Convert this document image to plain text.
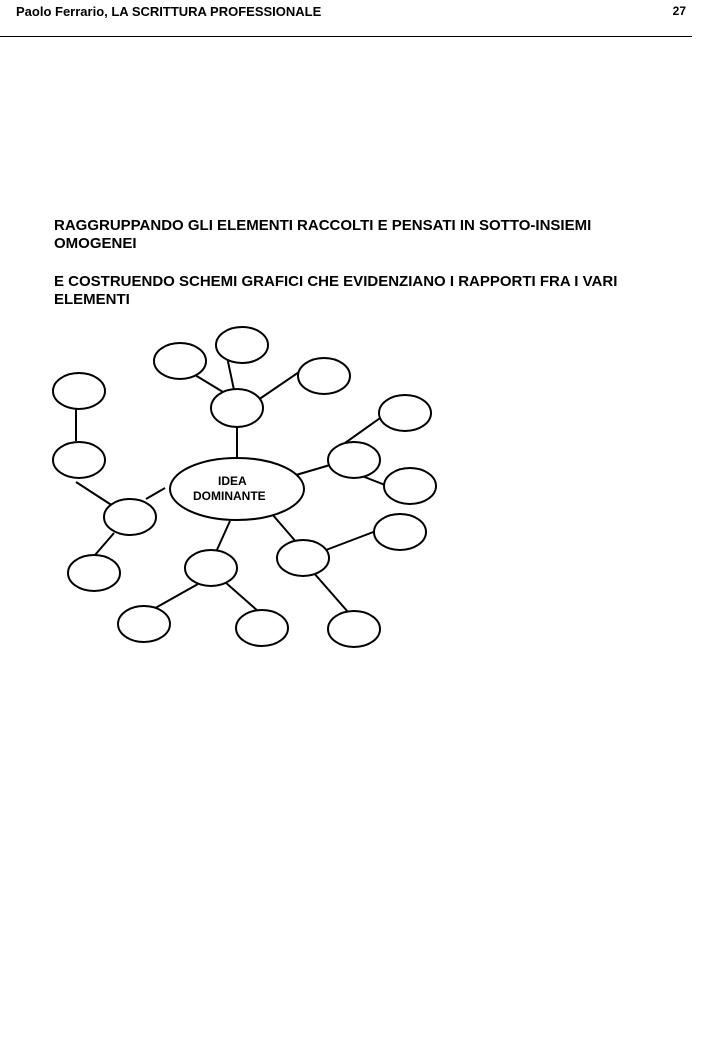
Paolo Ferrario, LA SCRITTURA PROFESSIONALE	27
RAGGRUPPANDO GLI ELEMENTI RACCOLTI E PENSATI IN SOTTO-INSIEMI OMOGENEI
E COSTRUENDO SCHEMI GRAFICI CHE EVIDENZIANO I RAPPORTI FRA I VARI ELEMENTI
IDEA
DOMINANTE
